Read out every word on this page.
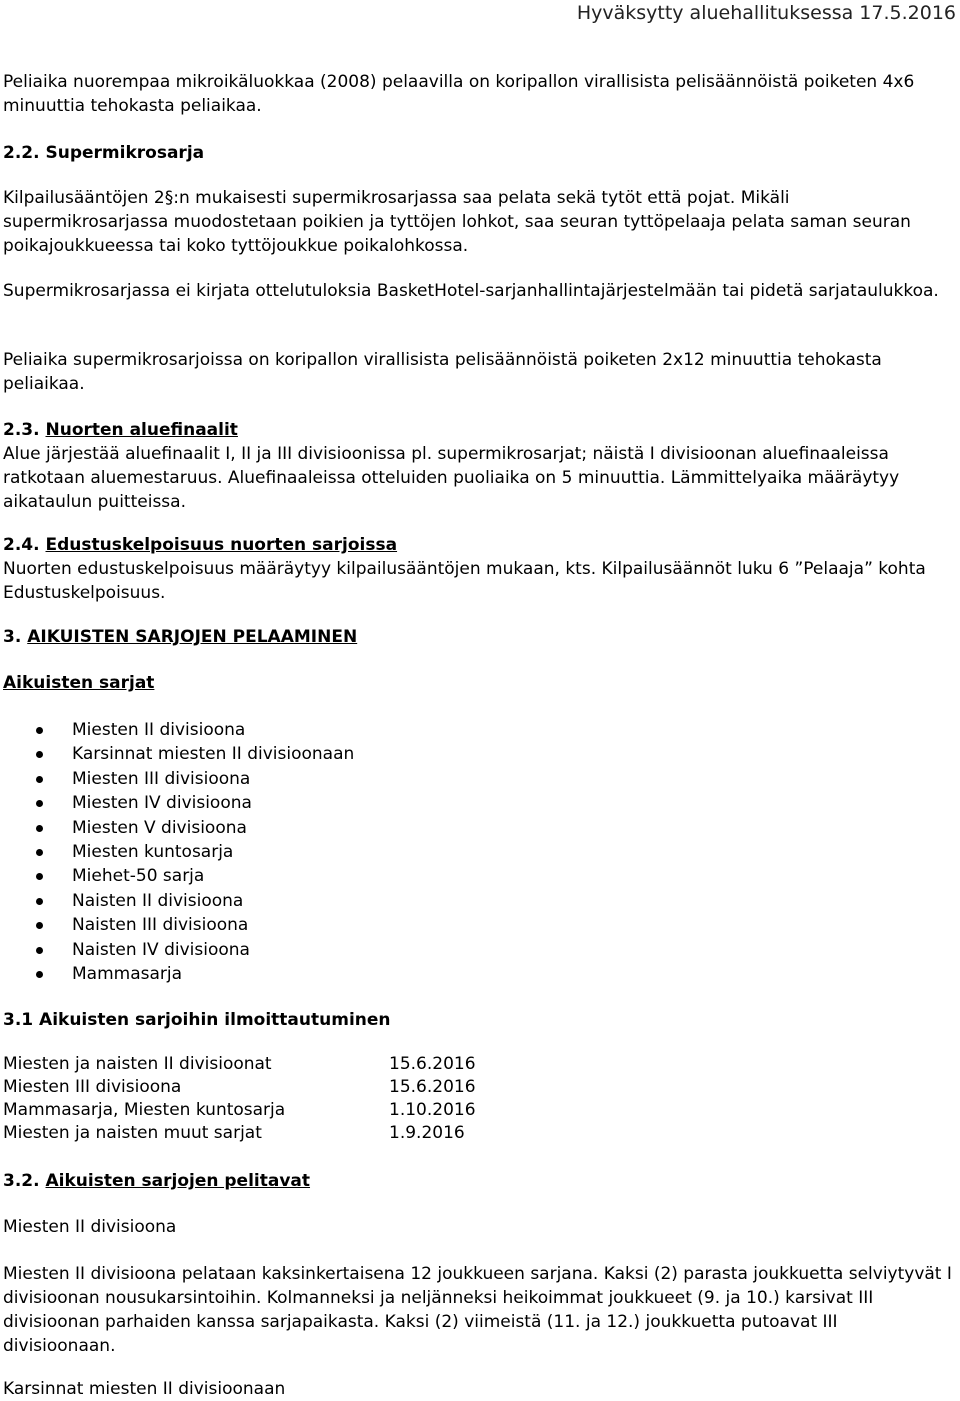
Hyväksytty aluehallituksessa 17.5.2016
Peliaika nuorempaa mikroikäluokkaa (2008) pelaavilla on koripallon virallisista pelisäännöistä poiketen 4x6 minuuttia tehokasta peliaikaa.
2.2. Supermikrosarja
Kilpailusääntöjen 2§:n mukaisesti supermikrosarjassa saa pelata sekä tytöt että pojat. Mikäli supermikrosarjassa muodostetaan poikien ja tyttöjen lohkot, saa seuran tyttöpelaaja pelata saman seuran poikajoukkueessa tai koko tyttöjoukkue poikalohkossa.
Supermikrosarjassa ei kirjata ottelutuloksia BasketHotel-sarjanhallintajärjestelmään tai pidetä sarjataulukkoa.
Peliaika supermikrosarjoissa on koripallon virallisista pelisäännöistä poiketen 2x12 minuuttia tehokasta peliaikaa.
2.3. Nuorten aluefinaalit
Alue järjestää aluefinaalit I, II ja III divisioonissa pl. supermikrosarjat; näistä I divisioonan aluefinaaleissa ratkotaan aluemestaruus. Aluefinaaleissa otteluiden puoliaika on 5 minuuttia. Lämmittelyaika määräytyy aikataulun puitteissa.
2.4. Edustuskelpoisuus nuorten sarjoissa
Nuorten edustuskelpoisuus määräytyy kilpailusääntöjen mukaan, kts. Kilpailusäännöt luku 6 ”Pelaaja” kohta Edustuskelpoisuus.
3. AIKUISTEN SARJOJEN PELAAMINEN
Aikuisten sarjat
Miesten II divisioona
Karsinnat miesten II divisioonaan
Miesten III divisioona
Miesten IV divisioona
Miesten V divisioona
Miesten kuntosarja
Miehet-50 sarja
Naisten II divisioona
Naisten III divisioona
Naisten IV divisioona
Mammasarja
3.1 Aikuisten sarjoihin ilmoittautuminen
Miesten ja naisten II divisioonat	15.6.2016
Miesten III divisioona	15.6.2016
Mammasarja, Miesten kuntosarja	1.10.2016
Miesten ja naisten muut sarjat	1.9.2016
3.2. Aikuisten sarjojen pelitavat
Miesten II divisioona
Miesten II divisioona pelataan kaksinkertaisena 12 joukkueen sarjana. Kaksi (2) parasta joukkuetta selviytyvät I divisioonan nousukarsintoihin. Kolmanneksi ja neljänneksi heikoimmat joukkueet (9. ja 10.) karsivat III divisioonan parhaiden kanssa sarjapaikasta. Kaksi (2) viimeistä (11. ja 12.) joukkuetta putoavat III divisioonaan.
Karsinnat miesten II divisioonaan
